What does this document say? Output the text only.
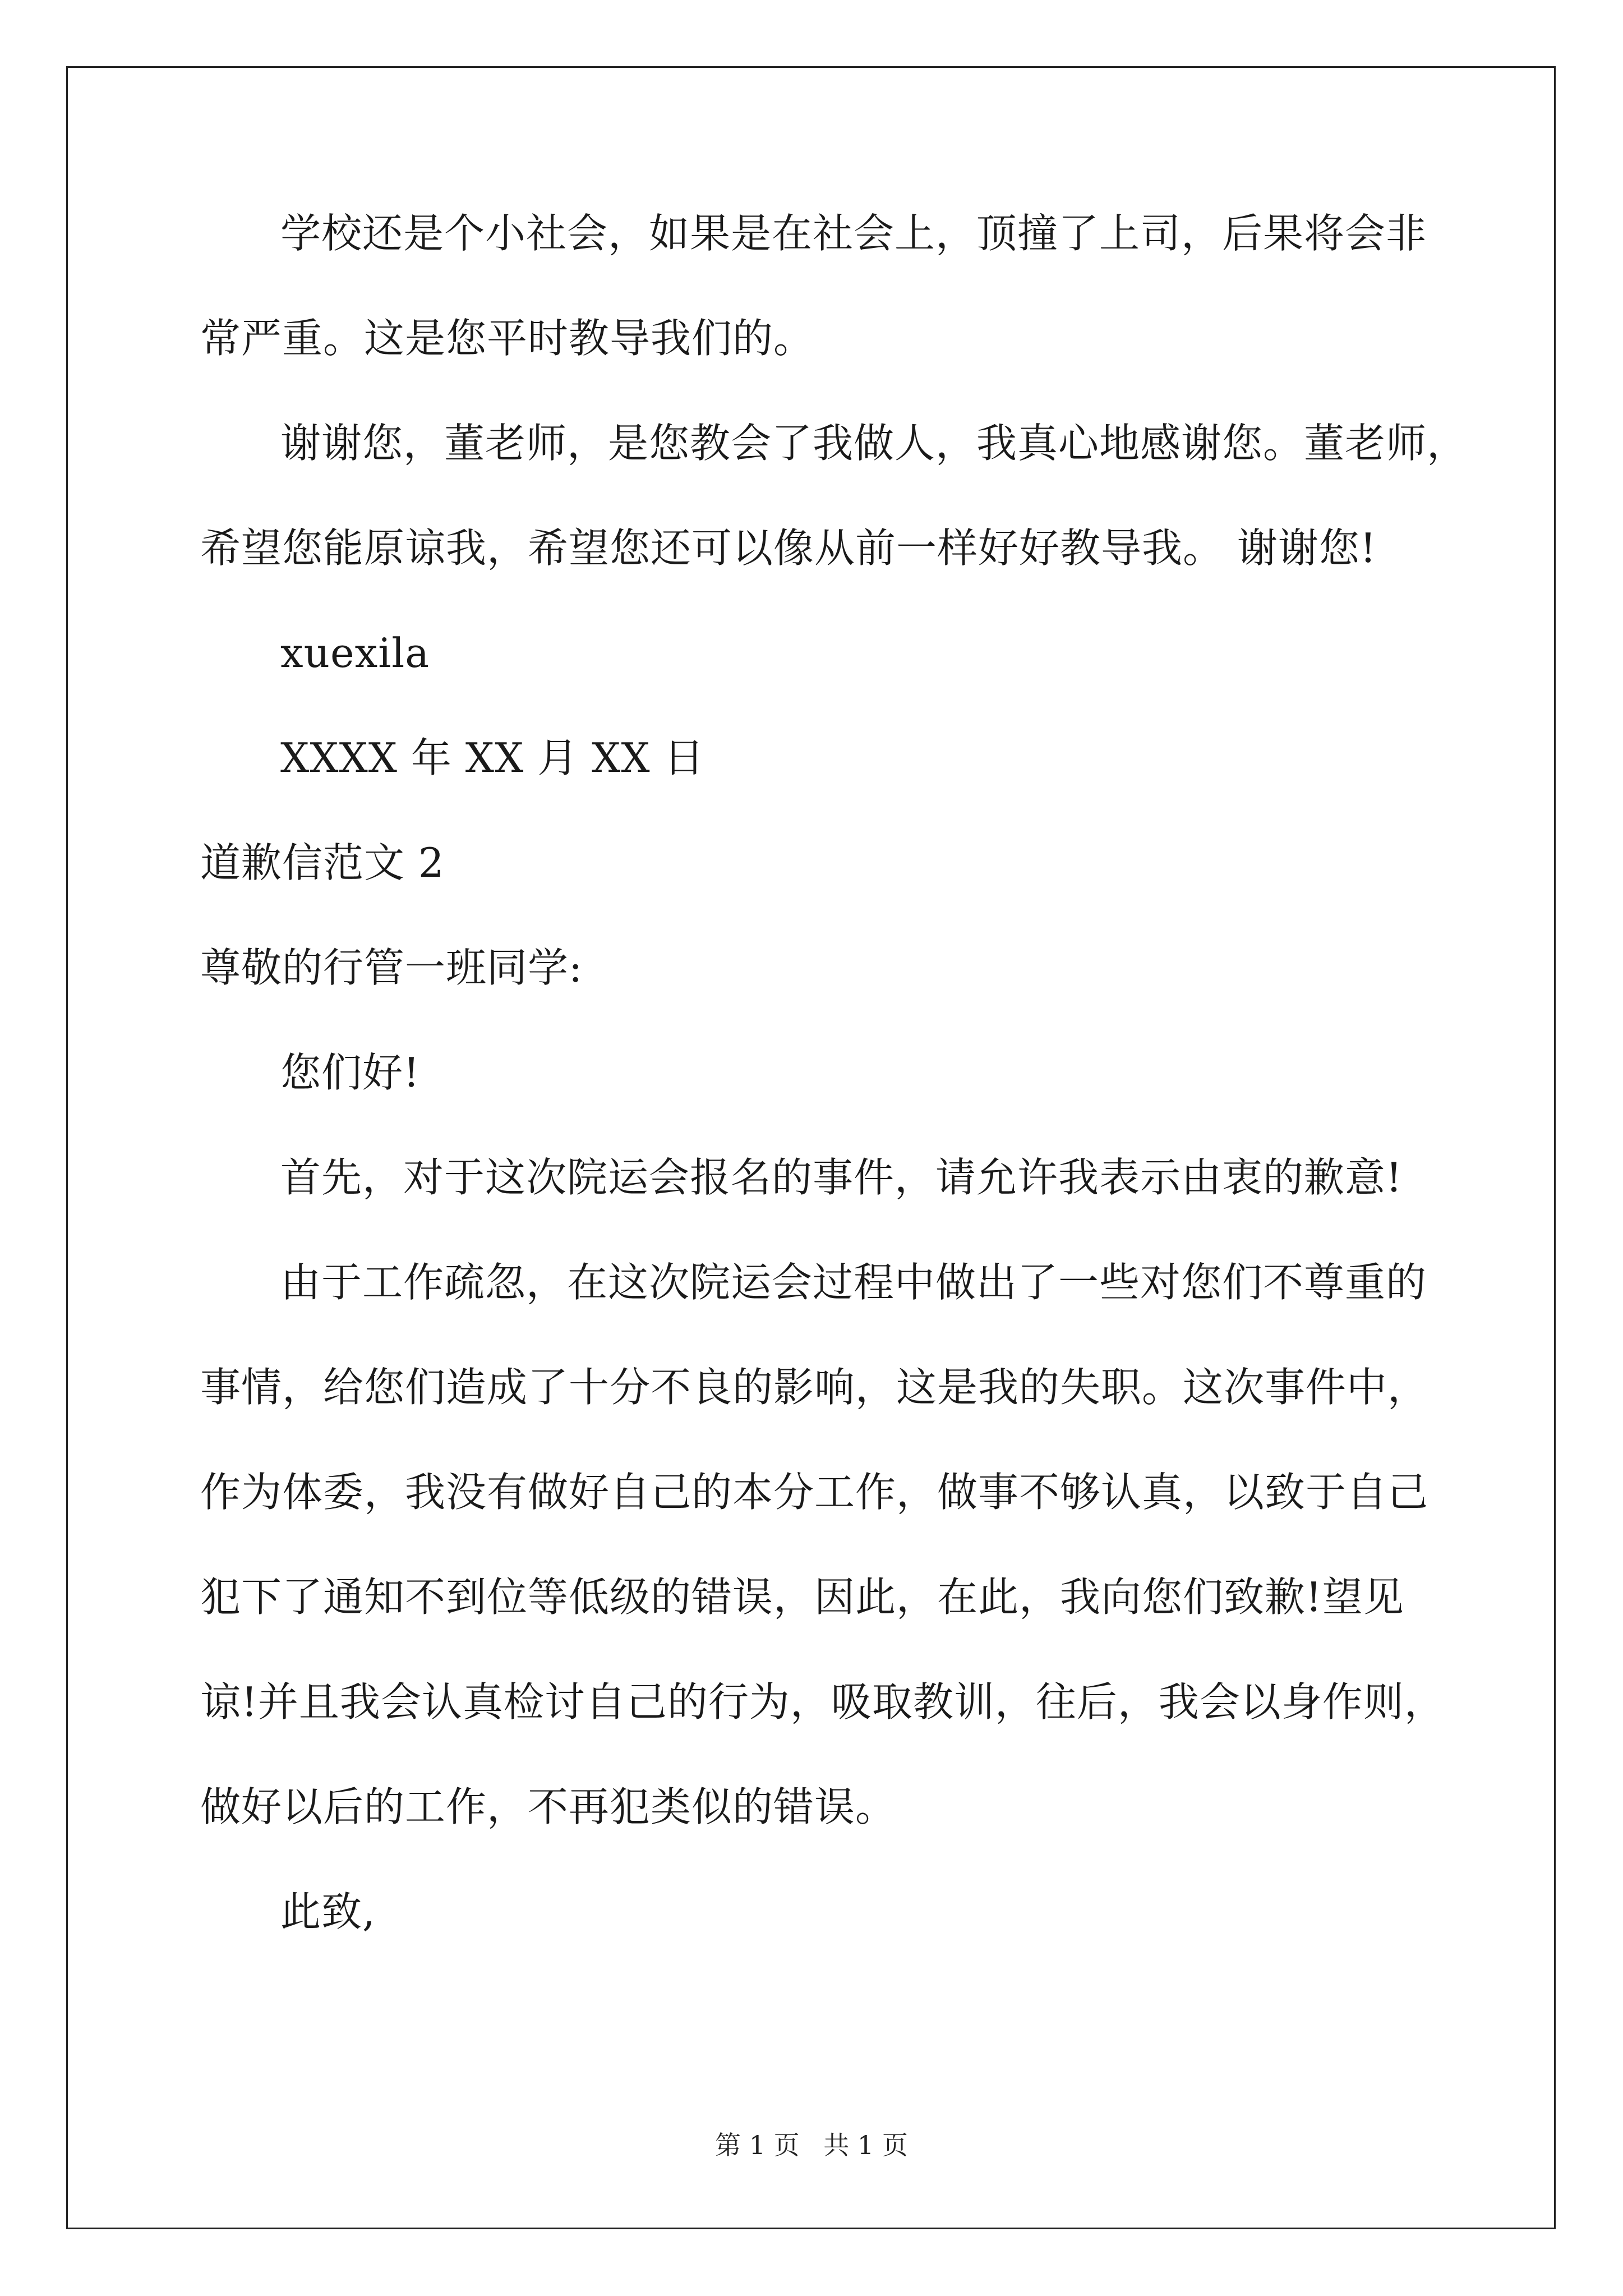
学校还是个小社会，如果是在社会上，顶撞了上司，后果将会非
常严重。这是您平时教导我们的。
谢谢您，董老师，是您教会了我做人，我真心地感谢您。董老师，
希望您能原谅我，希望您还可以像从前一样好好教导我。 谢谢您!
xuexila
XXXX 年 XX 月 XX 日
道歉信范文 2
尊敬的行管一班同学:
您们好!
首先，对于这次院运会报名的事件，请允许我表示由衷的歉意!
由于工作疏忽，在这次院运会过程中做出了一些对您们不尊重的
事情，给您们造成了十分不良的影响，这是我的失职。这次事件中，
作为体委，我没有做好自己的本分工作，做事不够认真，以致于自己
犯下了通知不到位等低级的错误，因此，在此，我向您们致歉!望见
谅!并且我会认真检讨自己的行为，吸取教训，往后，我会以身作则，
做好以后的工作，不再犯类似的错误。
此致,
第 1 页 共 1 页
